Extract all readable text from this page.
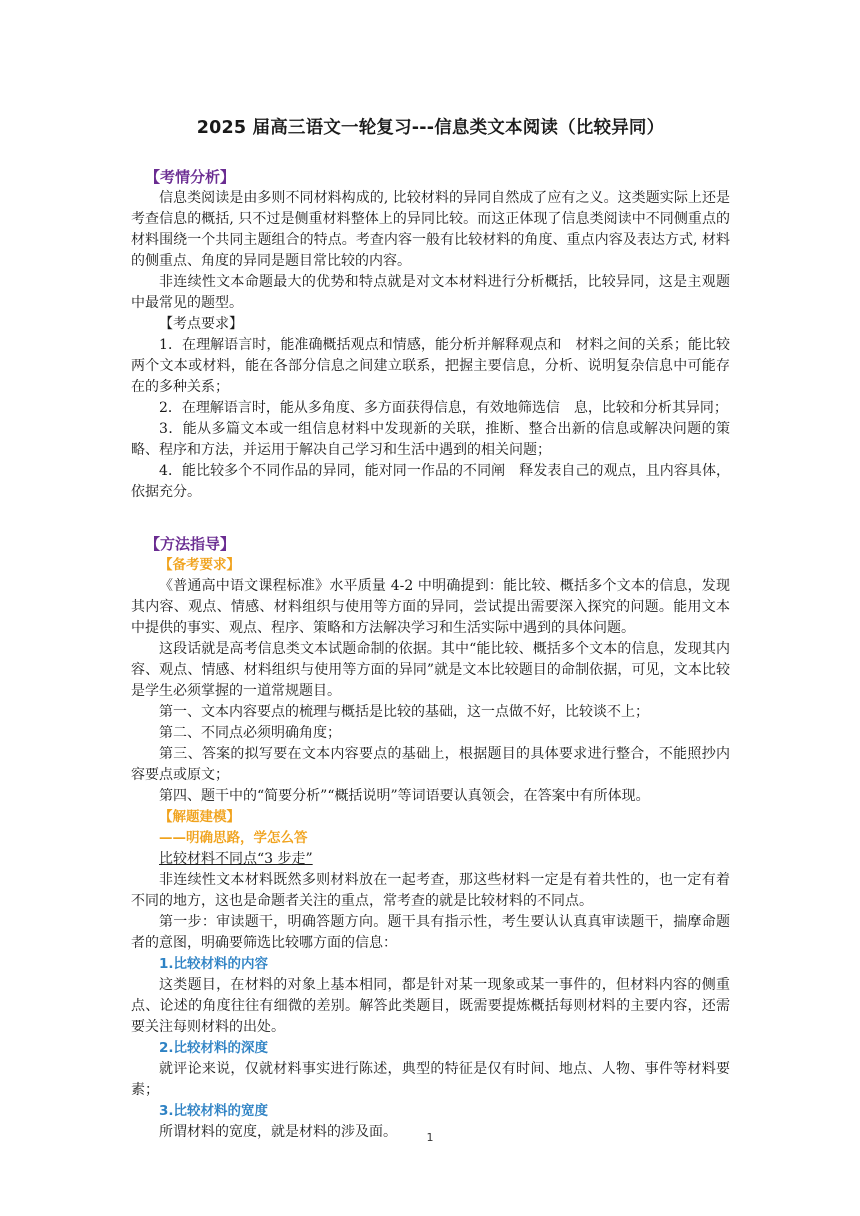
2025 届高三语文一轮复习---信息类文本阅读（比较异同）
【考情分析】

信息类阅读是由多则不同材料构成的, 比较材料的异同自然成了应有之义。这类题实际上还是考查信息的概括, 只不过是侧重材料整体上的异同比较。而这正体现了信息类阅读中不同侧重点的材料围绕一个共同主题组合的特点。考查内容一般有比较材料的角度、重点内容及表达方式, 材料的侧重点、角度的异同是题目常比较的内容。

非连续性文本命题最大的优势和特点就是对文本材料进行分析概括，比较异同，这是主观题中最常见的题型。

【考点要求】

1．在理解语言时，能准确概括观点和情感，能分析并解释观点和　材料之间的关系；能比较两个文本或材料，能在各部分信息之间建立联系，把握主要信息，分析、说明复杂信息中可能存在的多种关系；

2．在理解语言时，能从多角度、多方面获得信息，有效地筛选信　息，比较和分析其异同；

3．能从多篇文本或一组信息材料中发现新的关联，推断、整合出新的信息或解决问题的策略、程序和方法，并运用于解决自己学习和生活中遇到的相关问题；

4．能比较多个不同作品的异同，能对同一作品的不同阐　释发表自己的观点，且内容具体，依据充分。

【方法指导】
【备考要求】

《普通高中语文课程标准》水平质量 4-2 中明确提到：能比较、概括多个文本的信息，发现其内容、观点、情感、材料组织与使用等方面的异同，尝试提出需要深入探究的问题。能用文本中提供的事实、观点、程序、策略和方法解决学习和生活实际中遇到的具体问题。

这段话就是高考信息类文本试题命制的依据。其中“能比较、概括多个文本的信息，发现其内容、观点、情感、材料组织与使用等方面的异同”就是文本比较题目的命制依据，可见，文本比较是学生必须掌握的一道常规题目。

第一、文本内容要点的梳理与概括是比较的基础，这一点做不好，比较谈不上；

第二、不同点必须明确角度；

第三、答案的拟写要在文本内容要点的基础上，根据题目的具体要求进行整合，不能照抄内容要点或原文；

第四、题干中的“简要分析”“概括说明”等词语要认真领会，在答案中有所体现。

【解题建模】
——明确思路，学怎么答
比较材料不同点“3 步走”

非连续性文本材料既然多则材料放在一起考查，那这些材料一定是有着共性的，也一定有着不同的地方，这也是命题者关注的重点，常考查的就是比较材料的不同点。

第一步：审读题干，明确答题方向。题干具有指示性，考生要认认真真审读题干，揣摩命题者的意图，明确要筛选比较哪方面的信息：

1.比较材料的内容

这类题目，在材料的对象上基本相同，都是针对某一现象或某一事件的，但材料内容的侧重点、论述的角度往往有细微的差别。解答此类题目，既需要提炼概括每则材料的主要内容，还需要关注每则材料的出处。

2.比较材料的深度

就评论来说，仅就材料事实进行陈述，典型的特征是仅有时间、地点、人物、事件等材料要素；

3.比较材料的宽度

所谓材料的宽度，就是材料的涉及面。	1
